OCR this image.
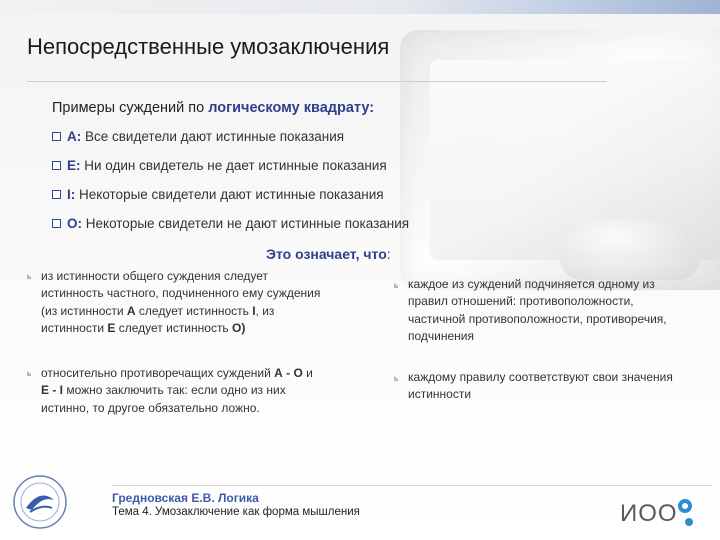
Непосредственные умозаключения
Примеры суждений по логическому квадрату:
А: Все свидетели дают истинные показания
Е: Ни один свидетель не дает истинные показания
I: Некоторые свидетели дают истинные показания
О: Некоторые свидетели не дают истинные показания
Это означает, что:
ь из истинности общего суждения следует истинность частного, подчиненного ему суждения (из истинности А следует истинность I, из истинности Е следует истинность О)
ь относительно противоречащих суждений А - О и Е - I можно заключить так: если одно из них истинно, то другое обязательно ложно.
ь каждое из суждений подчиняется одному из правил отношений: противоположности, частичной противоположности, противоречия, подчинения
ь каждому правилу соответствуют свои значения истинности
Гредновская Е.В. Логика
Тема 4. Умозаключение как форма мышления	ИОО
